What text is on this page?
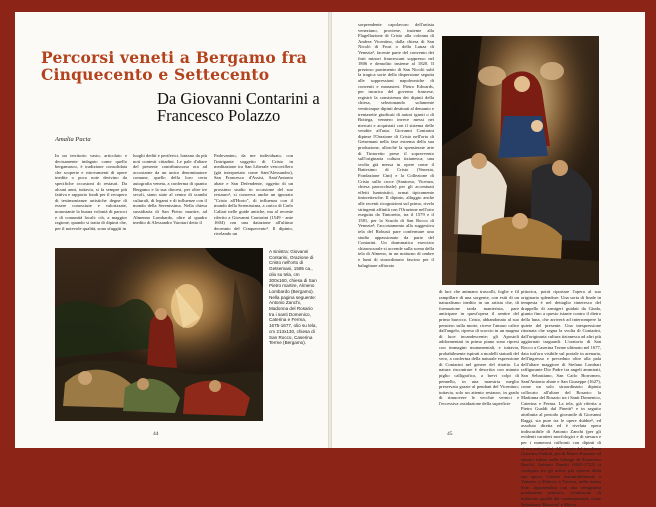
Percorsi veneti a Bergamo fra Cinquecento e Settecento
Da Giovanni Contarini a Francesco Polazzo
Amalia Pacia

In un territorio vasto, articolato e decisamente indagato come quello bergamasco, è tradizione consolidata che scoperte e ritrovamenti di opere inedite o poco note derivino da specifiche occasioni di restauri. Da alcuni anni, tuttavia, si fa sempre più fattiva e rapporto fondi per il recupero di testimonianze artistiche degne di essere conosciute e valorizzate, nonostante la buona volontà di parroci e di comunità locali: ciò, a maggior ragione, quando si tratta di dipinti che, per il notevole qualità, sono sfuggiti in

luoghi dediti e periferici, lontano da più noti contesti cittadini. Le pale d'altare del presente contribuiscono ora ad accostarne da un unico denominatore comune, quello della loro certa autografia veneta, a conferma di quanto Bergamo e la sua diocesi, per oltre tre secoli, siano state al centro di scambi culturali, di legami e di influenze con il mondo della Serenissima. Nella chiesa sussidiaria di San Pietro martire, ad Almenno Lombardo, oltre al quadro inedito di Alessandro Varotari detto il

Padovanino, da me individuato, con l'intrigante soggetto di Cristo in meditazione tra San Liberale vescoviflero (già interpretato come Sant'Alessandro), San Francesco d'Assisi, Sant'Antonio abate e San Defendente, oggetto di un prossimo studio in occasione del suo restauro¹, si conserva anche un ignorato "Cristo all'Horto", di influenza con il mondo della Serenissima, a carico di Carlo Caliari nelle guide antiche, ma al recente riferito a Giovanni Contarini (1549 - ante 1604) con una datazione all'ultimo decennio del Cinquecento². Il dipinto, rivelando un

A sinistra: Giovanni Contarini, Orazione di Cristo nell'orto di Getsemani, 1595 ca., olio su tela, cm 300x160, chiesa di San Pietro martire, Almeno Lombardo (Bergamo). Nella pagina seguente: Antonio Zanchi, Madonna del Rosario tra i santi Domenico, Caterina e Ferma, 1675-1677, olio su tela, cm 213x130, chiesa di San Rocco, Caserina Terme (Bergamo).

44

sorprendente capolavoro dell'artista veneziano, proviene, insieme alla Flagellazione di Cristo alla colonna di Andrea Vicentino, dalla chiesa di San Nicolò di Fruri o della Lanza di Venezia³, facente parte del convento dei frati minori francescani soppresso nel 1806 e demolito insieme al 1820. Il prezioso parrimento di San Nicolò subì la tragica sorte della dispersione seguita alle soppressioni napoleoniche di conventi e monasteri. Pietro Edwards, per incarico del governo francese, registrò la consistenza dei dipinti della chiesa, selezionando solamente venticinque dipinti destinati al demanio e trentasette giudicati di autori ignoti o di Bottega, vennero invece messi nei mercati e acquistati con il sistema delle vendite all'asta. Giovanni Contarini dipinse l'Orazione di Cristo nell'orto di Getsemani nella fase estrema della sua produzione, allorché la spensierate arte di Tintoretto prese il sopravvento sull'originaria cultura tizianesca; una svolta già messa in opere come il Battesimo di Cristo (Venezia, Fondazione Cini) e la Collezione di Cristo sulla croce (Santorso, Vicenza, chiesa parrocchiale) per gli accentuati effetti luministici, ormai tipicamente tintorettesche. Il dipinto, alluggio anche alle recenti ricognizioni sul primo, rivela stringenti affinità con l'Orazione nell'orto eseguita da Tintoretto, tra il 1579 e il 1581, per la Scuola di San Rocco di Venezia⁴; l'accostamento alla suggestiva tela del Robusti pare confermare uno studio appassionato da parte del Contarini. Un drammatico esercizio chiaroscurale si accende sulla scena della tela di Almeno, in un notturno di ombre e lumi di straordinario fascino per il balugìnare affiorato

di luci che animano trascolli, foglie e fil rampillare di una sorgente, con esiti di un naturalismo inedito in un artista che, di formazione tarda manierista, pare anticipare in quest'opera il sentire del primo barocco. Cristo, abbandonato al suo pensiero sulla morte, riceve l'amaro calice dall'angelo, ripreso di scorcio in un magma di luce incandescente; gli Apostoli addormentati in primo piano sono ripresi con immagini monumentali, e tuttavia, probabilmente ispirati a modelli statuali del vero, a conferma della naturale espressione di Contarini nel genere del ritratto. La natura riscontrare è descritta con minuto piglio calligrafico, a brevi colpi di pennello, in una maestria meglio preservata grazie al pendant del Vicentino; tuttavia, solo un attento restauro, in grado di rimuovere le vecchie vernici e l'eccessiva ossidazione della superficie

pittorica, potrà riportare l'opera al suo originario splendore. Una sorta di finale in tempesta è nel dettaglio tinteresco del drappello di armigeri guidati da Giuda, giunto fino a questo istante contro il dietro della luna, che arriverà ad interrompere la quiete del presente. Una inespressione ritornata che segna la svolta di Contarini, dall'originaria cultura tizianesca ad altri più aggiornati traguardi. L'oratorio di San Rocco a Caserina Terme ultimato nel 1677, data tutt'ora visibile sul portale in arenaria, dell'ingresso e preceduto oltre alla pala dell'altare maggiore di Stefano Lombari raffigurante Dio Padre tra angeli ammirati, San Sebastiano, San Carlo Borromeo, Sant'Antonio abate e San Giuseppe (1627), come un solo straordinario dipinto collocato all'altare del Rosario: la Madonna del Rosario tra i Santi Domenico, Caterina e Ferma. La tela, già riferita a Pietro Gualdi dal Pinetti⁵ e in seguito attribuita al periodo giovanile di Giovanni Raggi, sia pure tra le opere dubbie⁶, ed assoluto diretta ed è rivelata opera indiscutibile di Antonio Zanchi (per gli evidenti caratteri morfologici e di stesura e per i numerosi raffronti con dipinti di sicura autografia). Alla morte del tavoliano Giacomo Padruli, poi di Marco Pozzone ed entrato infine nella bottega di Francesco Ruschi, Antonio Zanchi (1631-1722) si configura tra gli artisti più operosi della sua epoca. Lavorò instancabilmente a Venezia, a Padova, a Treviso, nella nostra Este, imponendosi con una vertiginosa produzione pittorica, riconoscita di inalterata qualità dai contemporanei, come Sebastiano Mazzoni⁷ e Marco

45
